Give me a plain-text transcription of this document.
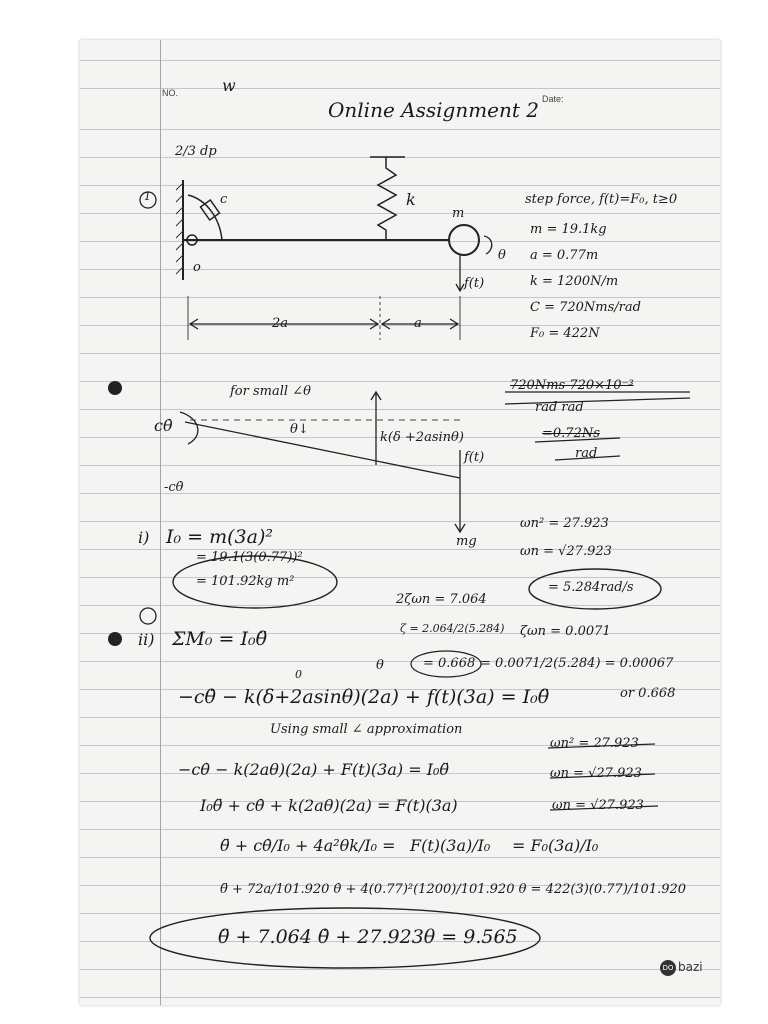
NO.	w
Date:
Online Assignment 2
2/3 dp
1	c	k
m
θ
o
f(t)
2a	a
step force, f(t)=F₀, t≥0
m = 19.1kg
a = 0.77m
k = 1200N/m
C = 720Nms/rad
F₀ = 422N
for small ∠θ
cθ̇	θ↓
k(δ +2asinθ)
f(t)
-cθ̇
mg
720Nms 720×10⁻³
rad rad
=0.72Ns
rad
i) I₀ = m(3a)²
= 19.1(3(0.77))²
= 101.92kg m²
ωn² = 27.923
ωn = √27.923
= 5.284rad/s
2ζωn = 7.064
ζ = 2.064/2(5.284) ζωn = 0.0071
= 0.668 = 0.0071/2(5.284) = 0.00067
or 0.668
ii) ΣM₀ = I₀θ̈
0
θ
−cθ̇ − k(δ+2asinθ)(2a) + f(t)(3a) = I₀θ̈
Using small ∠ approximation
−cθ̇ − k(2aθ)(2a) + F(t)(3a) = I₀θ̈
I₀θ̈ + cθ̇ + k(2aθ)(2a) = F(t)(3a)
θ̈ + cθ̇/I₀ + 4a²θk/I₀ = F(t)(3a)/I₀ = F₀(3a)/I₀
θ̈ + 72a/101.920 θ̇ + 4(0.77)²(1200)/101.920 θ = 422(3)(0.77)/101.920
θ̈ + 7.064 θ̇ + 27.923θ = 9.565
ωn² = 27.923
ωn = √27.923
ωn = √27.923
DO bazi
